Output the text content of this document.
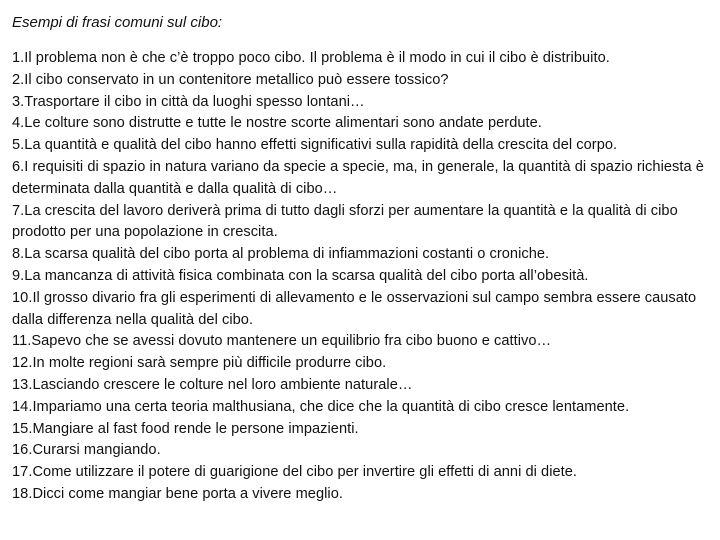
Esempi di frasi comuni sul cibo:
1.Il problema non è che c’è troppo poco cibo. Il problema è il modo in cui il cibo è distribuito.
2.Il cibo conservato in un contenitore metallico può essere tossico?
3.Trasportare il cibo in città da luoghi spesso lontani…
4.Le colture sono distrutte e tutte le nostre scorte alimentari sono andate perdute.
5.La quantità e qualità del cibo hanno effetti significativi sulla rapidità della crescita del corpo.
6.I requisiti di spazio in natura variano da specie a specie, ma, in generale, la quantità di spazio richiesta è determinata dalla quantità e dalla qualità di cibo…
7.La crescita del lavoro deriverà prima di tutto dagli sforzi per aumentare la quantità e la qualità di cibo prodotto per una popolazione in crescita.
8.La scarsa qualità del cibo porta al problema di infiammazioni costanti o croniche.
9.La mancanza di attività fisica combinata con la scarsa qualità del cibo porta all’obesità.
10.Il grosso divario fra gli esperimenti di allevamento e le osservazioni sul campo sembra essere causato dalla differenza nella qualità del cibo.
11.Sapevo che se avessi dovuto mantenere un equilibrio fra cibo buono e cattivo…
12.In molte regioni sarà sempre più difficile produrre cibo.
13.Lasciando crescere le colture nel loro ambiente naturale…
14.Impariamo una certa teoria malthusiana, che dice che la quantità di cibo cresce lentamente.
15.Mangiare al fast food rende le persone impazienti.
16.Curarsi mangiando.
17.Come utilizzare il potere di guarigione del cibo per invertire gli effetti di anni di diete.
18.Dicci come mangiar bene porta a vivere meglio.
